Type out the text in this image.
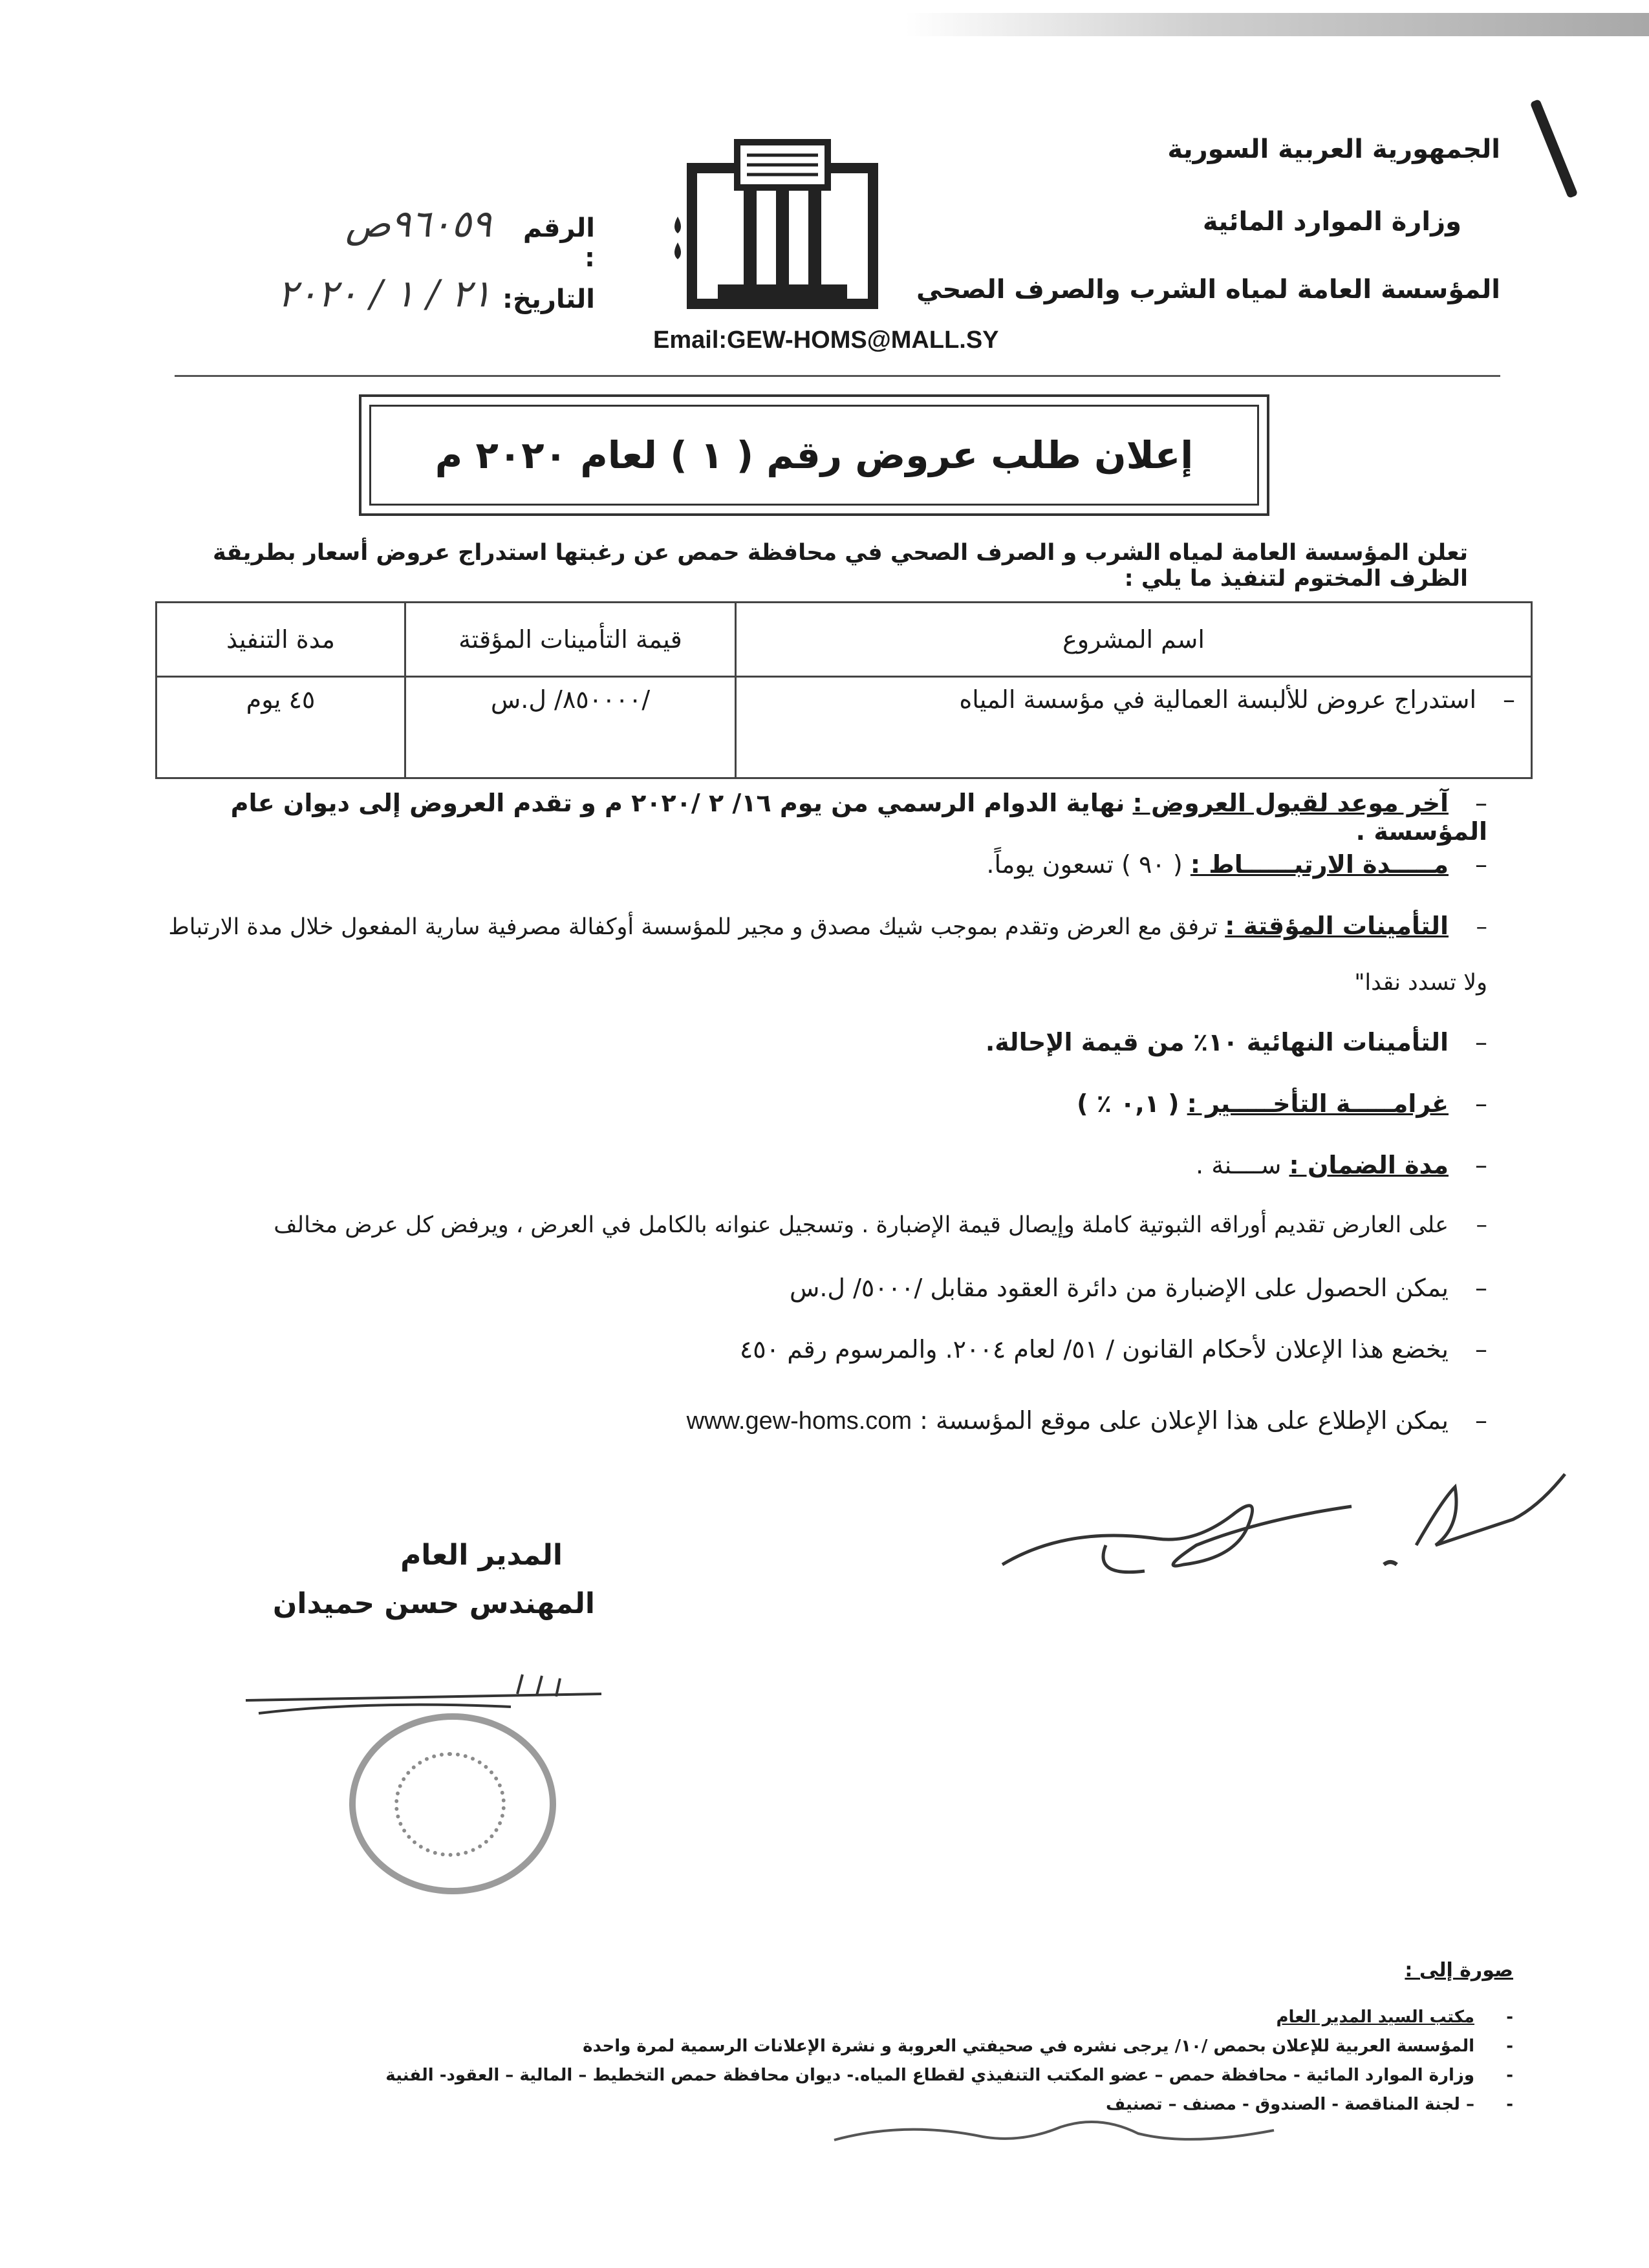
الجمهورية العربية السورية
وزارة الموارد المائية
المؤسسة العامة لمياه الشرب والصرف الصحي
Email:GEW-HOMS@MALL.SY
الرقم :
٩٦٠٥٩ص
التاريخ:
٢١ / ١ / ٢٠٢٠
إعلان طلب عروض رقم ( ١ ) لعام ٢٠٢٠ م
تعلن المؤسسة العامة لمياه الشرب و الصرف الصحي في محافظة حمص عن رغبتها استدراج عروض أسعار بطريقة الظرف المختوم لتنفيذ ما يلي :
اسم المشروع	قيمة التأمينات المؤقتة	مدة التنفيذ
–استدراج عروض للألبسة العمالية في مؤسسة المياه	/٨٥٠٠٠٠/ ل.س	٤٥ يوم
–آخر موعد لقبول العروض : نهاية الدوام الرسمي من يوم ١٦/ ٢ /٢٠٢٠ م و تقدم العروض إلى ديوان عام المؤسسة .
–مـــــدة الارتبــــــاط : ( ٩٠ ) تسعون يوماً.
–التأمينات المؤقتة : ترفق مع العرض وتقدم بموجب شيك مصدق و مجير للمؤسسة أوكفالة مصرفية سارية المفعول خلال مدة الارتباط
ولا تسدد نقدا"
–التأمينات النهائية ١٠٪ من قيمة الإحالة.
–غرامـــــة التأخـــــير : ( ٠,١ ٪ )
–مدة الضمان : ســــنة .
–على العارض تقديم أوراقه الثبوتية كاملة وإيصال قيمة الإضبارة . وتسجيل عنوانه بالكامل في العرض ، ويرفض كل عرض مخالف
–يمكن الحصول على الإضبارة من دائرة العقود مقابل /٥٠٠٠/ ل.س
–يخضع هذا الإعلان لأحكام القانون / ٥١/ لعام ٢٠٠٤. والمرسوم رقم ٤٥٠
–يمكن الإطلاع على هذا الإعلان على موقع المؤسسة : www.gew-homs.com
المدير العام
المهندس حسن حميدان
صورة إلى :
-مكتب السيد المدير العام
-المؤسسة العربية للإعلان بحمص /١٠/ يرجى نشره في صحيفتي العروبة و نشرة الإعلانات الرسمية لمرة واحدة
-وزارة الموارد المائية - محافظة حمص – عضو المكتب التنفيذي لقطاع المياه.- ديوان محافظة حمص التخطيط – المالية – العقود- الفنية
-– لجنة المناقصة - الصندوق - مصنف – تصنيف
